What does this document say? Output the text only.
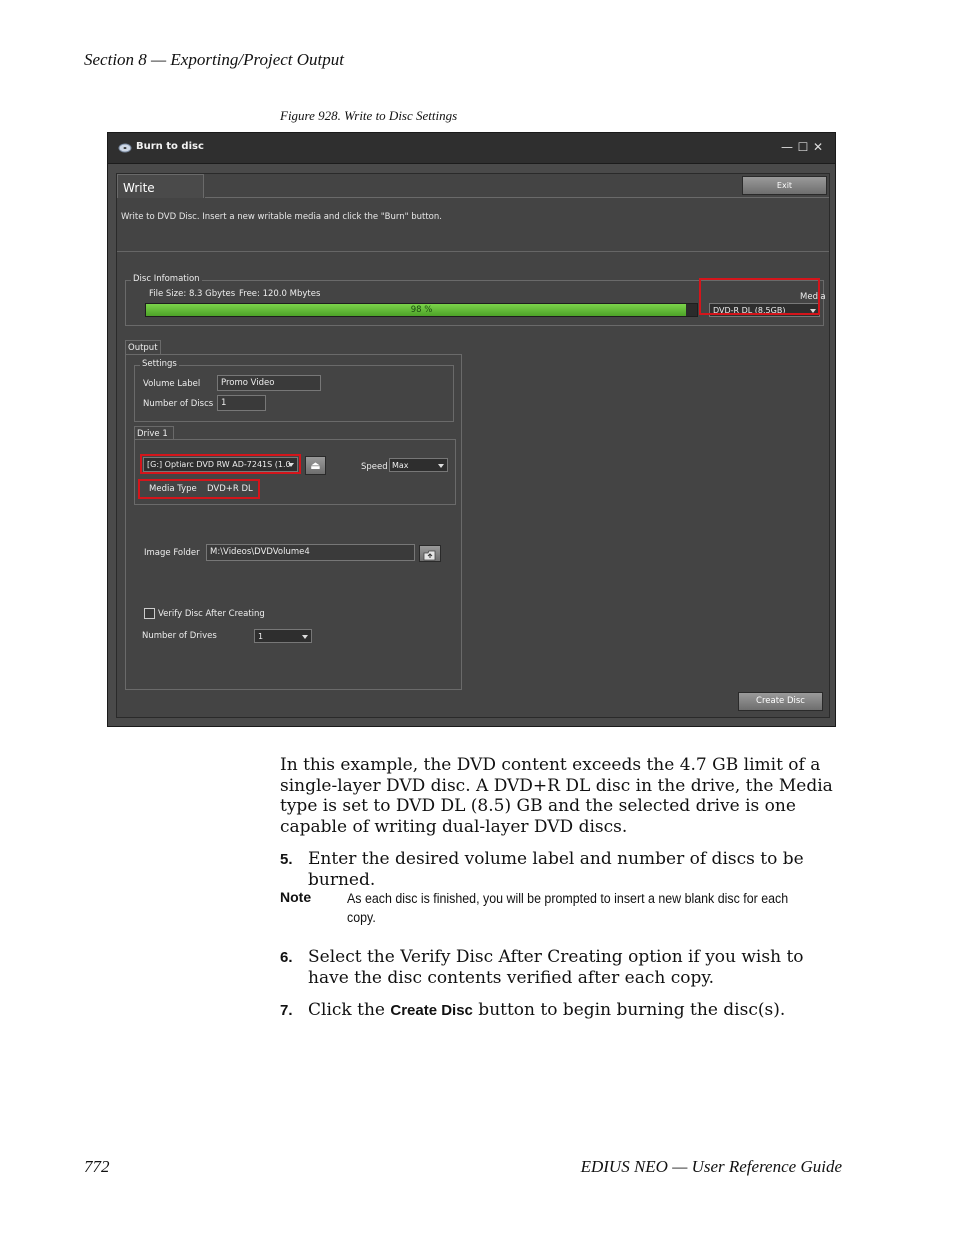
Section 8 — Exporting/Project Output
Figure 928. Write to Disc Settings
Burn to disc	— ☐ ✕
Write	Exit
Write to DVD Disc. Insert a new writable media and click the "Burn" button.
Disc Infomation
File Size: 8.3 Gbytes Free: 120.0 Mbytes
98 %
Media
DVD-R DL (8.5GB)
Output
Settings
Volume Label	Promo Video
Number of Discs 1
Drive 1
[G:] Optiarc DVD RW AD-7241S (1.0	⏏	Speed Max
Media Type DVD+R DL
Image Folder	M:\Videos\DVDVolume4
Verify Disc After Creating
Number of Drives	1
Create Disc
In this example, the DVD content exceeds the 4.7 GB limit of a single-layer DVD disc. A DVD+R DL disc in the drive, the Media type is set to DVD DL (8.5) GB and the selected drive is one capable of writing dual-layer DVD discs.
5. Enter the desired volume label and number of discs to be burned.
Note	As each disc is finished, you will be prompted to insert a new blank disc for each copy.
6. Select the Verify Disc After Creating option if you wish to have the disc contents verified after each copy.
7. Click the Create Disc button to begin burning the disc(s).
772	EDIUS NEO — User Reference Guide
